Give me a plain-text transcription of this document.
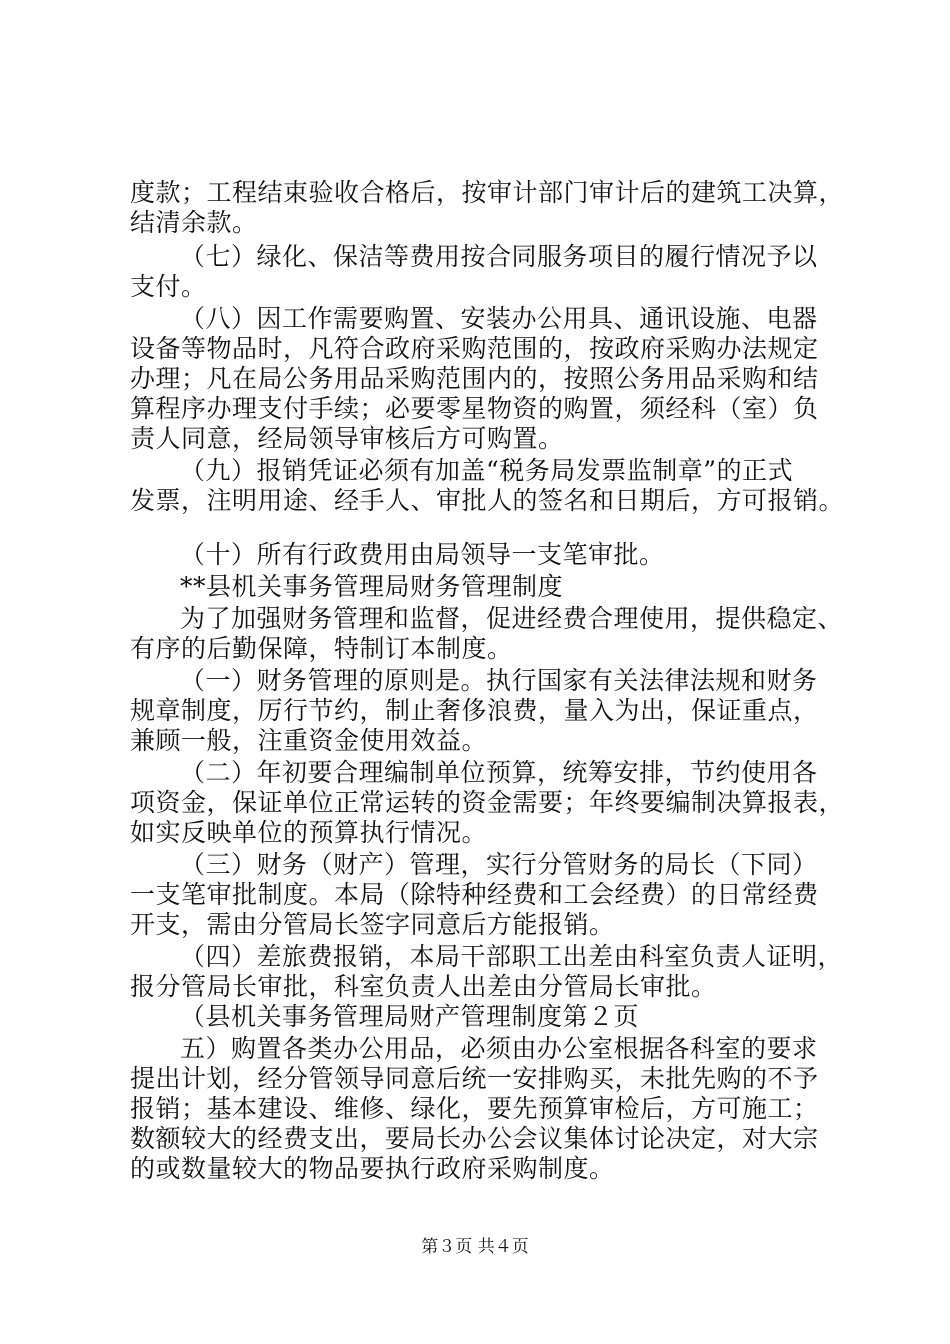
度款；工程结束验收合格后，按审计部门审计后的建筑工决算，
结清余款。
（七）绿化、保洁等费用按合同服务项目的履行情况予以
支付。
（八）因工作需要购置、安装办公用具、通讯设施、电器
设备等物品时，凡符合政府采购范围的，按政府采购办法规定
办理；凡在局公务用品采购范围内的，按照公务用品采购和结
算程序办理支付手续；必要零星物资的购置，须经科（室）负
责人同意，经局领导审核后方可购置。
（九）报销凭证必须有加盖“税务局发票监制章”的正式
发票，注明用途、经手人、审批人的签名和日期后，方可报销。
（十）所有行政费用由局领导一支笔审批。
**县机关事务管理局财务管理制度
为了加强财务管理和监督，促进经费合理使用，提供稳定、
有序的后勤保障，特制订本制度。
（一）财务管理的原则是。执行国家有关法律法规和财务
规章制度，厉行节约，制止奢侈浪费，量入为出，保证重点，
兼顾一般，注重资金使用效益。
（二）年初要合理编制单位预算，统筹安排，节约使用各
项资金，保证单位正常运转的资金需要；年终要编制决算报表，
如实反映单位的预算执行情况。
（三）财务（财产）管理，实行分管财务的局长（下同）
一支笔审批制度。本局（除特种经费和工会经费）的日常经费
开支，需由分管局长签字同意后方能报销。
（四）差旅费报销，本局干部职工出差由科室负责人证明，
报分管局长审批，科室负责人出差由分管局长审批。
（县机关事务管理局财产管理制度第２页
五）购置各类办公用品，必须由办公室根据各科室的要求
提出计划，经分管领导同意后统一安排购买，未批先购的不予
报销；基本建设、维修、绿化，要先预算审检后，方可施工；
数额较大的经费支出，要局长办公会议集体讨论决定，对大宗
的或数量较大的物品要执行政府采购制度。
第３页 共４页
